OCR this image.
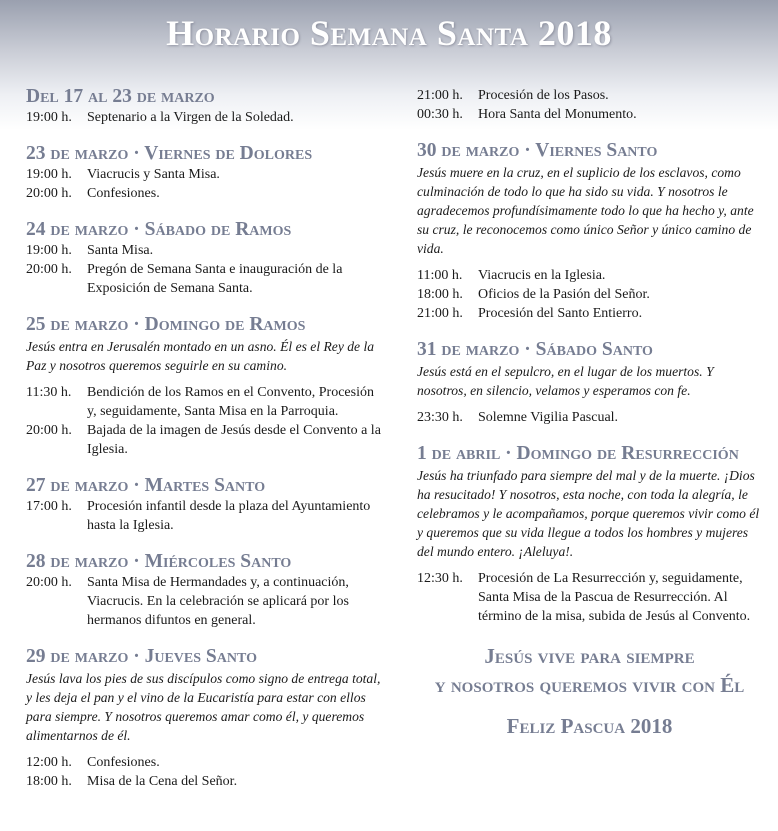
Horario Semana Santa 2018
Del 17 al 23 de marzo
19:00 h.	Septenario a la Virgen de la Soledad.
23 de marzo · Viernes de Dolores
19:00 h.	Viacrucis y Santa Misa.
20:00 h.	Confesiones.
24 de marzo · Sábado de Ramos
19:00 h.	Santa Misa.
20:00 h.	Pregón de Semana Santa e inauguración de la Exposición de Semana Santa.
25 de marzo · Domingo de Ramos
Jesús entra en Jerusalén montado en un asno. Él es el Rey de la Paz y nosotros queremos seguirle en su camino.
11:30 h.	Bendición de los Ramos en el Convento, Procesión y, seguidamente, Santa Misa en la Parroquia.
20:00 h.	Bajada de la imagen de Jesús desde el Convento a la Iglesia.
27 de marzo · Martes Santo
17:00 h.	Procesión infantil desde la plaza del Ayuntamiento hasta la Iglesia.
28 de marzo · Miércoles Santo
20:00 h.	Santa Misa de Hermandades y, a continuación, Viacrucis. En la celebración se aplicará por los hermanos difuntos en general.
29 de marzo · Jueves Santo
Jesús lava los pies de sus discípulos como signo de entrega total, y les deja el pan y el vino de la Eucaristía para estar con ellos para siempre. Y nosotros queremos amar como él, y queremos alimentarnos de él.
12:00 h.	Confesiones.
18:00 h.	Misa de la Cena del Señor.
21:00 h.	Procesión de los Pasos.
00:30 h.	Hora Santa del Monumento.
30 de marzo · Viernes Santo
Jesús muere en la cruz, en el suplicio de los esclavos, como culminación de todo lo que ha sido su vida. Y nosotros le agradecemos profundísimamente todo lo que ha hecho y, ante su cruz, le reconocemos como único Señor y único camino de vida.
11:00 h.	Viacrucis en la Iglesia.
18:00 h.	Oficios de la Pasión del Señor.
21:00 h.	Procesión del Santo Entierro.
31 de marzo · Sábado Santo
Jesús está en el sepulcro, en el lugar de los muertos. Y nosotros, en silencio, velamos y esperamos con fe.
23:30 h.	Solemne Vigilia Pascual.
1 de abril · Domingo de Resurrección
Jesús ha triunfado para siempre del mal y de la muerte. ¡Dios ha resucitado! Y nosotros, esta noche, con toda la alegría, le celebramos y le acompañamos, porque queremos vivir como él y queremos que su vida llegue a todos los hombres y mujeres del mundo entero. ¡Aleluya!.
12:30 h.	Procesión de La Resurrección y, seguidamente, Santa Misa de la Pascua de Resurrección. Al término de la misa, subida de Jesús al Convento.
Jesús vive para siempre
y nosotros queremos vivir con Él
Feliz Pascua 2018
